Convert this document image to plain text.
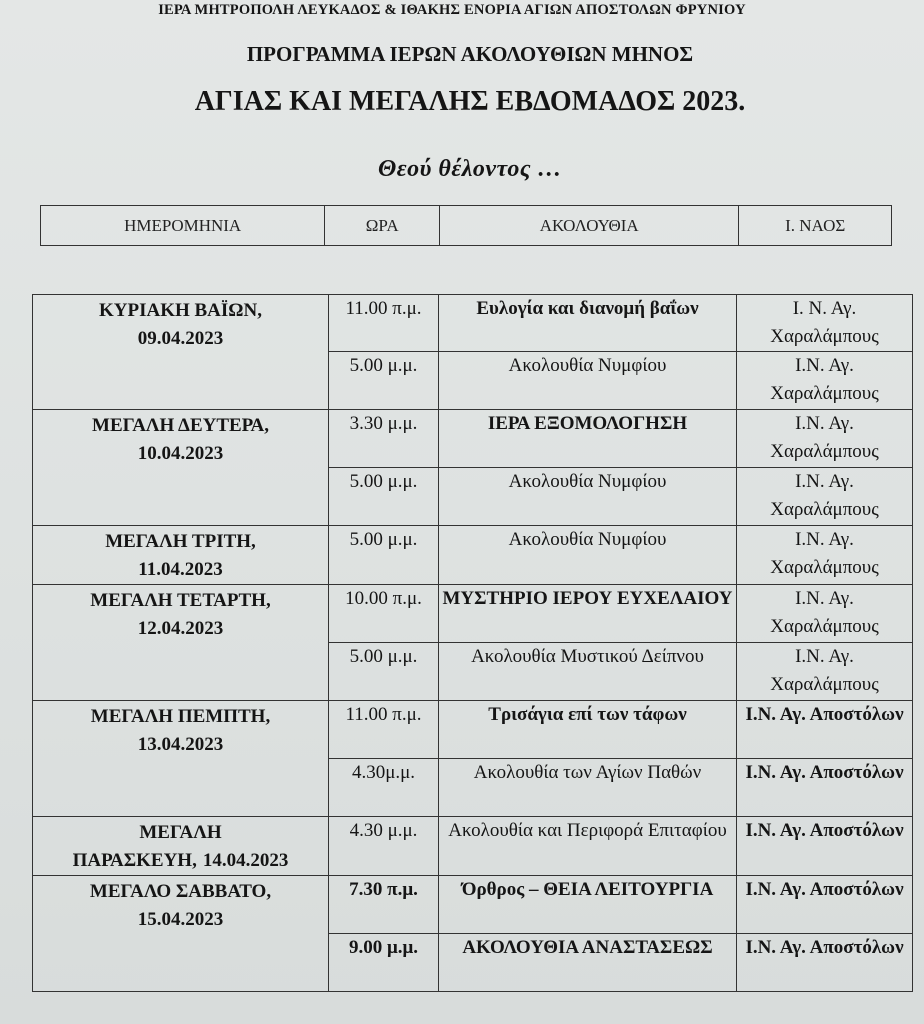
ΙΕΡΑ ΜΗΤΡΟΠΟΛΗ ΛΕΥΚΑΔΟΣ & ΙΘΑΚΗΣ ΕΝΟΡΙΑ ΑΓΙΩΝ ΑΠΟΣΤΟΛΩΝ ΦΡΥΝΙΟΥ
ΠΡΟΓΡΑΜΜΑ ΙΕΡΩΝ ΑΚΟΛΟΥΘΙΩΝ ΜΗΝΟΣ
ΑΓΙΑΣ ΚΑΙ ΜΕΓΑΛΗΣ ΕΒΔΟΜΑΔΟΣ 2023.
Θεού θέλοντος …
ΗΜΕΡΟΜΗΝΙΑ	ΩΡΑ	ΑΚΟΛΟΥΘΙΑ	Ι. ΝΑΟΣ
ΚΥΡΙΑΚΗ ΒΑΪΩΝ,
09.04.2023	11.00 π.μ.	Ευλογία και διανομή βαΐων	Ι. Ν. Αγ. Χαραλάμπους
	5.00 μ.μ.	Ακολουθία Νυμφίου	Ι.Ν. Αγ. Χαραλάμπους

ΜΕΓΑΛΗ ΔΕΥΤΕΡΑ,
10.04.2023	3.30 μ.μ.	ΙΕΡΑ ΕΞΟΜΟΛΟΓΗΣΗ	Ι.Ν. Αγ. Χαραλάμπους
	5.00 μ.μ.	Ακολουθία Νυμφίου	Ι.Ν. Αγ. Χαραλάμπους

ΜΕΓΑΛΗ ΤΡΙΤΗ,
11.04.2023	5.00 μ.μ.	Ακολουθία Νυμφίου	Ι.Ν. Αγ. Χαραλάμπους

ΜΕΓΑΛΗ ΤΕΤΑΡΤΗ,
12.04.2023	10.00 π.μ.	ΜΥΣΤΗΡΙΟ ΙΕΡΟΥ ΕΥΧΕΛΑΙΟΥ	Ι.Ν. Αγ. Χαραλάμπους
	5.00 μ.μ.	Ακολουθία Μυστικού Δείπνου	Ι.Ν. Αγ. Χαραλάμπους

ΜΕΓΑΛΗ ΠΕΜΠΤΗ,
13.04.2023	11.00 π.μ.	Τρισάγια επί των τάφων	Ι.Ν. Αγ. Αποστόλων
	4.30μ.μ.	Ακολουθία των Αγίων Παθών	Ι.Ν. Αγ. Αποστόλων
ΜΕΓΑΛΗ ΠΑΡΑΣΚΕΥΗ, 14.04.2023	4.30 μ.μ.	Ακολουθία και Περιφορά Επιταφίου	Ι.Ν. Αγ. Αποστόλων

ΜΕΓΑΛΟ ΣΑΒΒΑΤΟ,
15.04.2023	7.30 π.μ.	Όρθρος – ΘΕΙΑ ΛΕΙΤΟΥΡΓΙΑ	Ι.Ν. Αγ. Αποστόλων
	9.00 μ.μ.	ΑΚΟΛΟΥΘΙΑ ΑΝΑΣΤΑΣΕΩΣ	Ι.Ν. Αγ. Αποστόλων
